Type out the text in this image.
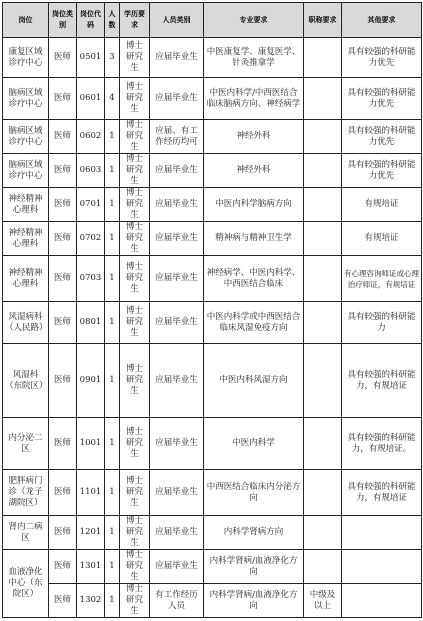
岗位	岗位类别	岗位代码	人数	学历要求	人员类别	专业要求	职称要求	其他要求
康复区域诊疗中心	医师	0501	3	博士研究生	应届毕业生	中医康复学、康复医学、针灸推拿学		具有较强的科研能力优先
脑病区域诊疗中心	医师	0601	4	博士研究生	应届毕业生	中医内科学/中西医结合临床脑病方向、神经病学		具有较强的科研能力优先
脑病区域诊疗中心	医师	0602	1	博士研究生	应届、有工作经历均可	神经外科		具有较强的科研能力优先
脑病区域诊疗中心	医师	0603	1	博士研究生	应届毕业生	神经外科		具有较强的科研能力优先
神经精神心理科	医师	0701	1	博士研究生	应届毕业生	中医内科学脑病方向		有规培证
神经精神心理科	医师	0702	1	博士研究生	应届毕业生	精神病与精神卫生学		有规培证
神经精神心理科	医师	0703	1	博士研究生	应届毕业生	神经病学、中医内科学、中西医结合临床		有心理咨询师证或心理治疗师证，有规培证
风湿病科（人民路）	医师	0801	1	博士研究生	应届毕业生	中医内科学或中西医结合临床风湿免疫方向		具有较强的科研能力
风湿科（东院区）	医师	0901	1	博士研究生	应届毕业生	中医内科风湿方向		具有较强的科研能力，有规培证
内分泌二区	医师	1001	1	博士研究生	应届毕业生	中医内科学		具有较强的科研能力，有规培证。
肥胖病门诊（龙子湖院区）	医师	1101	1	博士研究生	应届毕业生	中西医结合临床内分泌方向		具有较强的科研能力，有规培证
肾内二病区	医师	1201	1	博士研究生	应届毕业生	内科学肾病方向		
血液净化中心（东院区）	医师	1301	1	博士研究生	应届毕业生	内科学肾病/血液净化方向		
	医师	1302	1	博士研究生	有工作经历人员	内科学肾病/血液净化方向	中级及以上	
